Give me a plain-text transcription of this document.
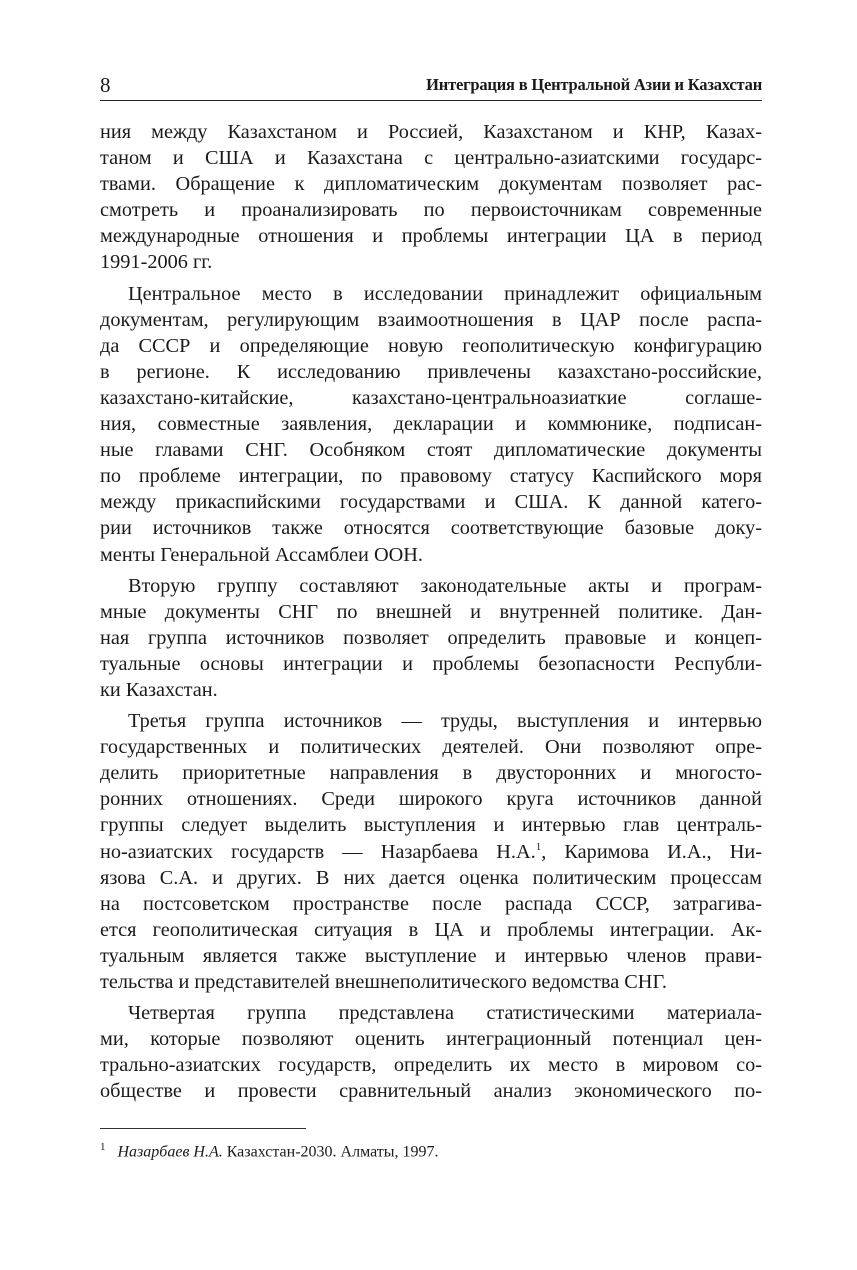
8	Интеграция в Центральной Азии и Казахстан
ния между Казахстаном и Россией, Казахстаном и КНР, Казах-
таном и США и Казахстана с центрально-азиатскими государс-
твами. Обращение к дипломатическим документам позволяет рас-
смотреть и проанализировать по первоисточникам современные
международные отношения и проблемы интеграции ЦА в период
1991-2006 гг.
Центральное место в исследовании принадлежит официальным
документам, регулирующим взаимоотношения в ЦАР после распа-
да СССР и определяющие новую геополитическую конфигурацию
в регионе. К исследованию привлечены казахстано-российские,
казахстано-китайские, казахстано-центральноазиаткие соглаше-
ния, совместные заявления, декларации и коммюнике, подписан-
ные главами СНГ. Особняком стоят дипломатические документы
по проблеме интеграции, по правовому статусу Каспийского моря
между прикаспийскими государствами и США. К данной катего-
рии источников также относятся соответствующие базовые доку-
менты Генеральной Ассамблеи ООН.
Вторую группу составляют законодательные акты и програм-
мные документы СНГ по внешней и внутренней политике. Дан-
ная группа источников позволяет определить правовые и концеп-
туальные основы интеграции и проблемы безопасности Республи-
ки Казахстан.
Третья группа источников — труды, выступления и интервью
государственных и политических деятелей. Они позволяют опре-
делить приоритетные направления в двусторонних и многосто-
ронних отношениях. Среди широкого круга источников данной
группы следует выделить выступления и интервью глав централь-
но-азиатских государств — Назарбаева Н.А.$^1$, Каримова И.А., Ни-
язова С.А. и других. В них дается оценка политическим процессам
на постсоветском пространстве после распада СССР, затрагива-
ется геополитическая ситуация в ЦА и проблемы интеграции. Ак-
туальным является также выступление и интервью членов прави-
тельства и представителей внешнеполитического ведомства СНГ.
Четвертая группа представлена статистическими материала-
ми, которые позволяют оценить интеграционный потенциал цен-
трально-азиатских государств, определить их место в мировом со-
обществе и провести сравнительный анализ экономического по-
$^1$ Назарбаев Н.А. Казахстан-2030. Алматы, 1997.
